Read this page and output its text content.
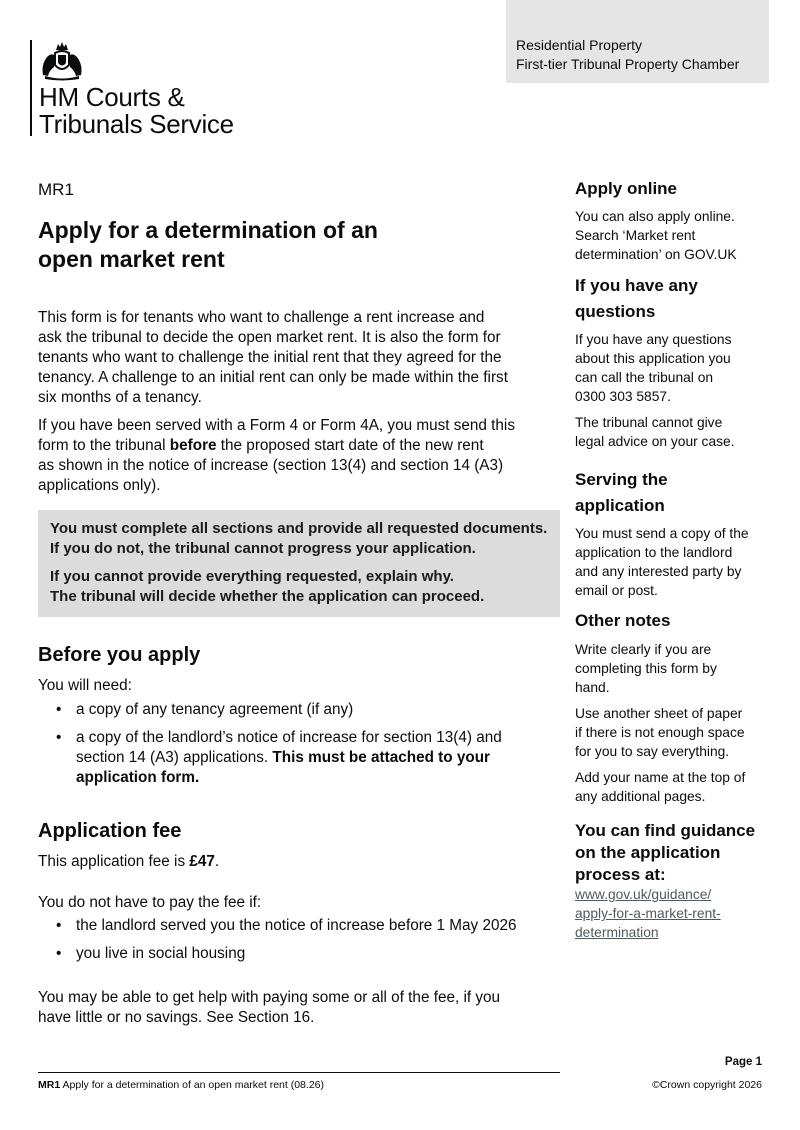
HM Courts &
Tribunals Service
Residential Property
First-tier Tribunal Property Chamber
MR1
Apply for a determination of an
open market rent

This form is for tenants who want to challenge a rent increase and
ask the tribunal to decide the open market rent. It is also the form for
tenants who want to challenge the initial rent that they agreed for the
tenancy. A challenge to an initial rent can only be made within the first
six months of a tenancy.

If you have been served with a Form 4 or Form 4A, you must send this
form to the tribunal before the proposed start date of the new rent
as shown in the notice of increase (section 13(4) and section 14 (A3)
applications only).

You must complete all sections and provide all requested documents.
If you do not, the tribunal cannot progress your application.

If you cannot provide everything requested, explain why.
The tribunal will decide whether the application can proceed.

Before you apply

You will need:

• a copy of any tenancy agreement (if any)
• a copy of the landlord’s notice of increase for section 13(4) and
section 14 (A3) applications. This must be attached to your
application form.
Application fee

This application fee is £47.

You do not have to pay the fee if:

• the landlord served you the notice of increase before 1 May 2026
• you live in social housing

You may be able to get help with paying some or all of the fee, if you
have little or no savings. See Section 16.

Apply online

You can also apply online.
Search ‘Market rent
determination’ on GOV.UK

If you have any
questions

If you have any questions
about this application you
can call the tribunal on
0300 303 5857.

The tribunal cannot give
legal advice on your case.

Serving the
application

You must send a copy of the
application to the landlord
and any interested party by
email or post.

Other notes

Write clearly if you are
completing this form by
hand.

Use another sheet of paper
if there is not enough space
for you to say everything.

Add your name at the top of
any additional pages.

You can find guidance
on the application
process at:

www.gov.uk/guidance/
apply-for-a-market-rent-
determination

Page 1
MR1 Apply for a determination of an open market rent (08.26)	©Crown copyright 2026
